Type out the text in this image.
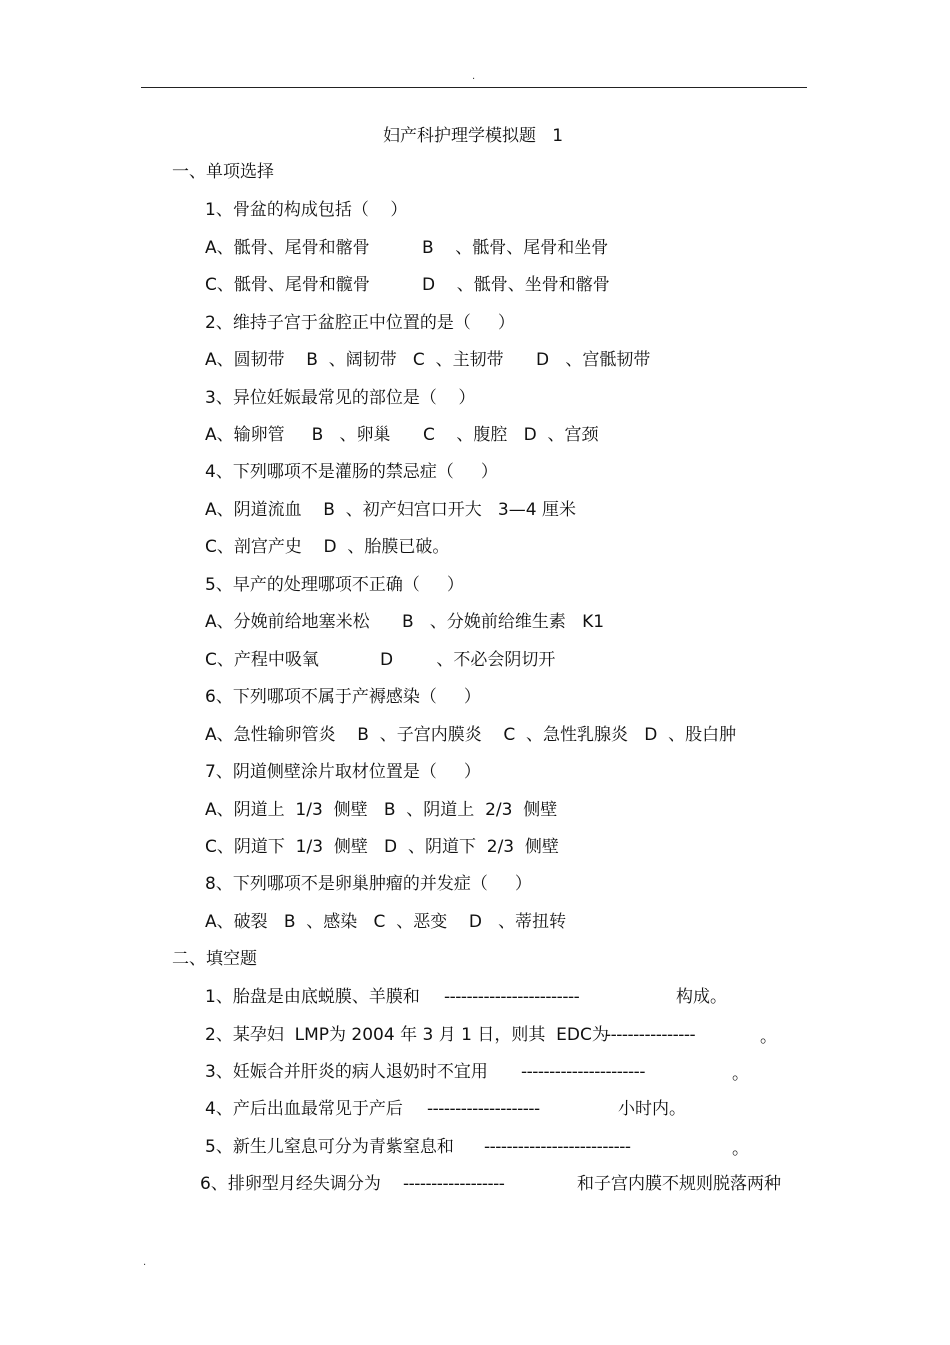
.
妇产科护理学模拟题   1
一、单项选择
1、骨盆的构成包括（    ）
A、骶骨、尾骨和髂骨	B    、骶骨、尾骨和坐骨
C、骶骨、尾骨和髋骨	D    、骶骨、坐骨和髂骨
2、维持子宫于盆腔正中位置的是（     ）
A、圆韧带    B  、阔韧带   C  、主韧带      D   、宫骶韧带
3、异位妊娠最常见的部位是（    ）
A、输卵管     B   、卵巢      C    、腹腔   D  、宫颈
4、下列哪项不是灌肠的禁忌症（     ）
A、阴道流血    B  、初产妇宫口开大   3—4 厘米
C、剖宫产史    D  、胎膜已破。
5、早产的处理哪项不正确（     ）
A、分娩前给地塞米松      B   、分娩前给维生素   K1
C、产程中吸氧	D        、不必会阴切开
6、下列哪项不属于产褥感染（     ）
A、急性输卵管炎    B  、子宫内膜炎    C  、急性乳腺炎   D  、股白肿
7、阴道侧壁涂片取材位置是（     ）
A、阴道上  1/3  侧壁   B  、阴道上  2/3  侧壁
C、阴道下  1/3  侧壁   D  、阴道下  2/3  侧壁
8、下列哪项不是卵巢肿瘤的并发症（     ）
A、破裂   B  、感染   C  、恶变    D   、蒂扭转
二、填空题
1、胎盘是由底蜕膜、羊膜和 ------------------------	构成。
2、某孕妇  LMP为 2004 年 3 月 1 日，则其  EDC为
----------------	。
3、妊娠合并肝炎的病人退奶时不宜用 ----------------------	。
4、产后出血最常见于产后 --------------------	小时内。
5、新生儿窒息可分为青紫窒息和 --------------------------	。
6、排卵型月经失调分为 ------------------	和子宫内膜不规则脱落两种
.
